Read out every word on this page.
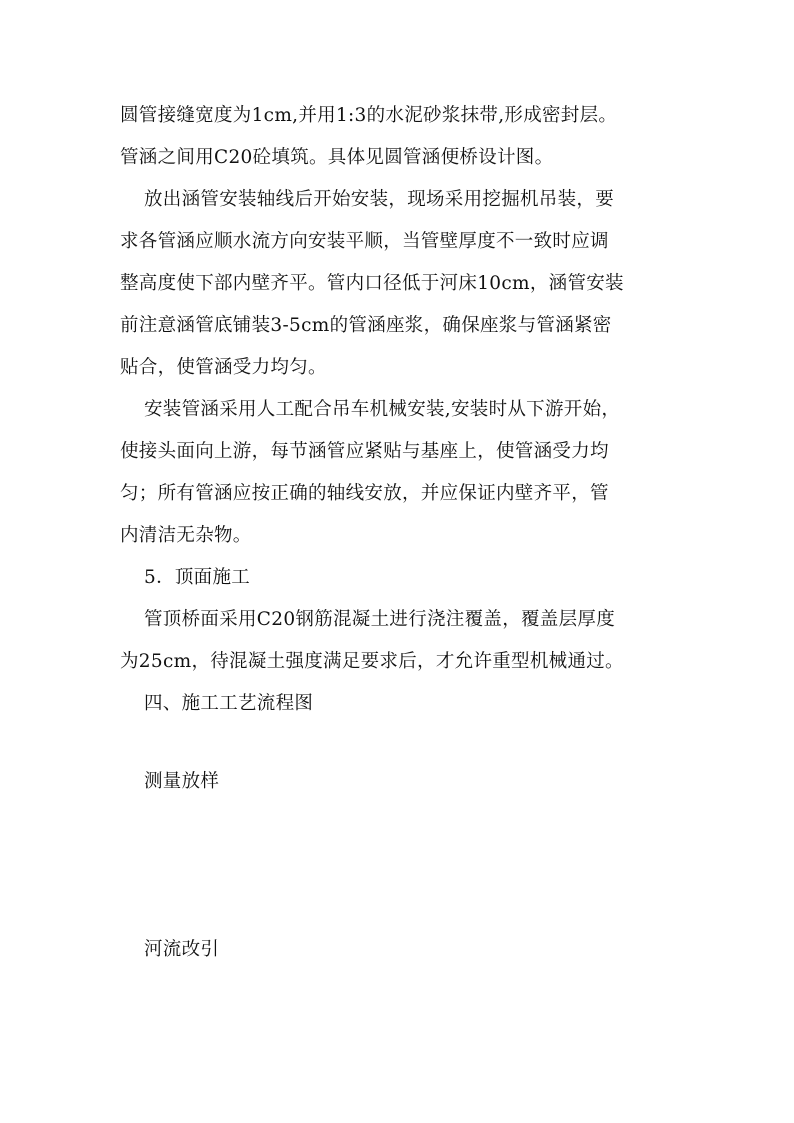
圆管接缝宽度为1cm,并用1:3的水泥砂浆抹带,形成密封层。
管涵之间用C20砼填筑。具体见圆管涵便桥设计图。
放出涵管安装轴线后开始安装，现场采用挖掘机吊装，要
求各管涵应顺水流方向安装平顺，当管壁厚度不一致时应调
整高度使下部内壁齐平。管内口径低于河床10cm，涵管安装
前注意涵管底铺装3-5cm的管涵座浆，确保座浆与管涵紧密
贴合，使管涵受力均匀。
安装管涵采用人工配合吊车机械安装,安装时从下游开始，
使接头面向上游，每节涵管应紧贴与基座上，使管涵受力均
匀；所有管涵应按正确的轴线安放，并应保证内壁齐平，管
内清洁无杂物。
5．顶面施工
管顶桥面采用C20钢筋混凝土进行浇注覆盖，覆盖层厚度
为25cm，待混凝土强度满足要求后，才允许重型机械通过。
四、施工工艺流程图
测量放样
河流改引
